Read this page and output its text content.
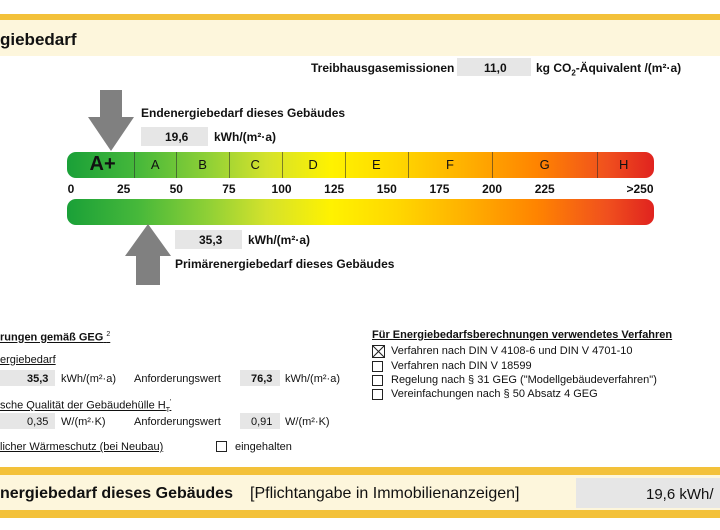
giebedarf
Treibhausgasemissionen 11,0 kg $CO_2$-Äquivalent /(m²·a)
Endenergiebedarf dieses Gebäudes
19,6 kWh/(m²·a)
A+	A	B	C	D	E	F	G	H
0	25	50	75	100	125	150	175	200	225	>250
35,3 kWh/(m²·a)
Primärenergiebedarf dieses Gebäudes
rungen gemäß GEG $^2$
ergiebedarf
35,3 kWh/(m²·a) Anforderungswert	76,3 kWh/(m²·a)
sche Qualität der Gebäudehülle $H_T'$
0,35 W/(m²·K)	Anforderungswert	0,91 W/(m²·K)
licher Wärmeschutz (bei Neubau)	eingehalten
Für Energiebedarfsberechnungen verwendetes Verfahren
Verfahren nach DIN V 4108-6 und DIN V 4701-10
Verfahren nach DIN V 18599
Regelung nach § 31 GEG ("Modellgebäudeverfahren")
Vereinfachungen nach § 50 Absatz 4 GEG
nergiebedarf dieses Gebäudes [Pflichtangabe in Immobilienanzeigen]	19,6 kWh/
